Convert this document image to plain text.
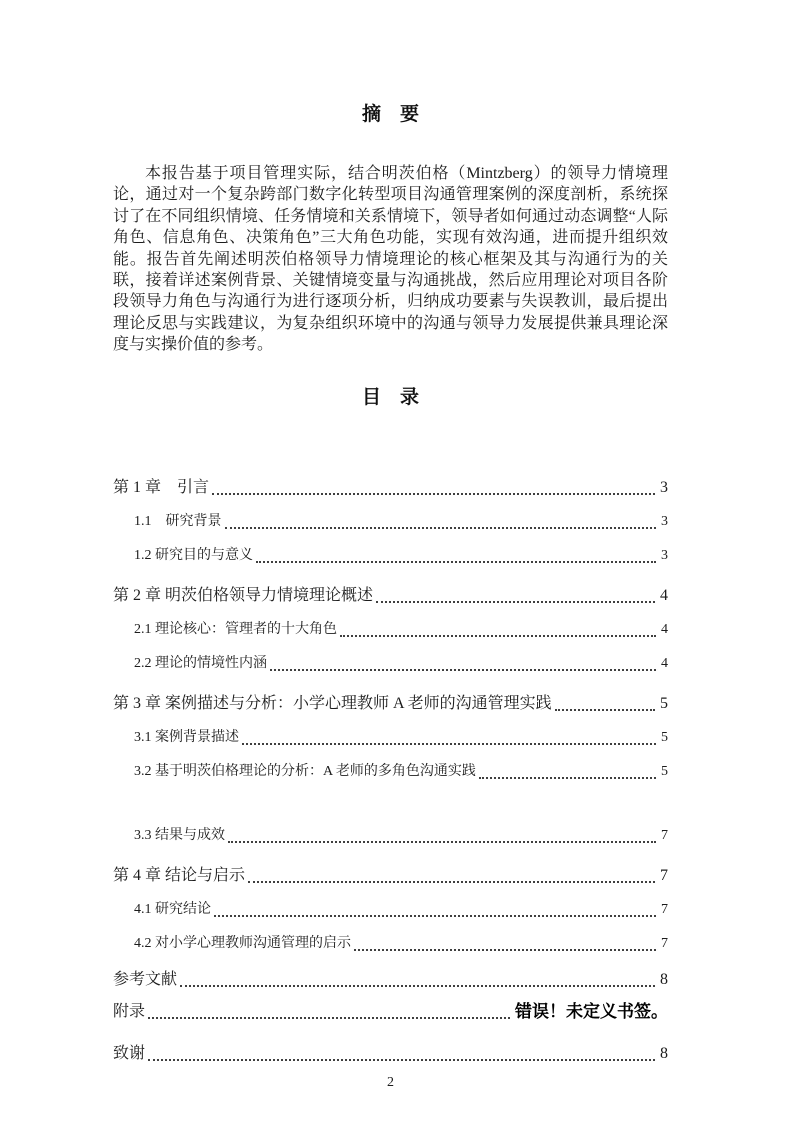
摘　要

本报告基于项目管理实际，结合明茨伯格（Mintzberg）的领导力情境理论，通过对一个复杂跨部门数字化转型项目沟通管理案例的深度剖析，系统探讨了在不同组织情境、任务情境和关系情境下，领导者如何通过动态调整“人际角色、信息角色、决策角色”三大角色功能，实现有效沟通，进而提升组织效能。报告首先阐述明茨伯格领导力情境理论的核心框架及其与沟通行为的关联，接着详述案例背景、关键情境变量与沟通挑战，然后应用理论对项目各阶段领导力角色与沟通行为进行逐项分析，归纳成功要素与失误教训，最后提出理论反思与实践建议，为复杂组织环境中的沟通与领导力发展提供兼具理论深度与实操价值的参考。

目　录
第 1 章　引言	3
1.1　研究背景	3
1.2 研究目的与意义	3
第 2 章 明茨伯格领导力情境理论概述	4
2.1 理论核心：管理者的十大角色	4
2.2 理论的情境性内涵	4
第 3 章 案例描述与分析：小学心理教师 A 老师的沟通管理实践	5
3.1 案例背景描述	5
3.2 基于明茨伯格理论的分析：A 老师的多角色沟通实践	5
3.3 结果与成效	7
第 4 章 结论与启示	7
4.1 研究结论	7
4.2 对小学心理教师沟通管理的启示	7
参考文献	8
附录	错误！未定义书签。
致谢	8
2
